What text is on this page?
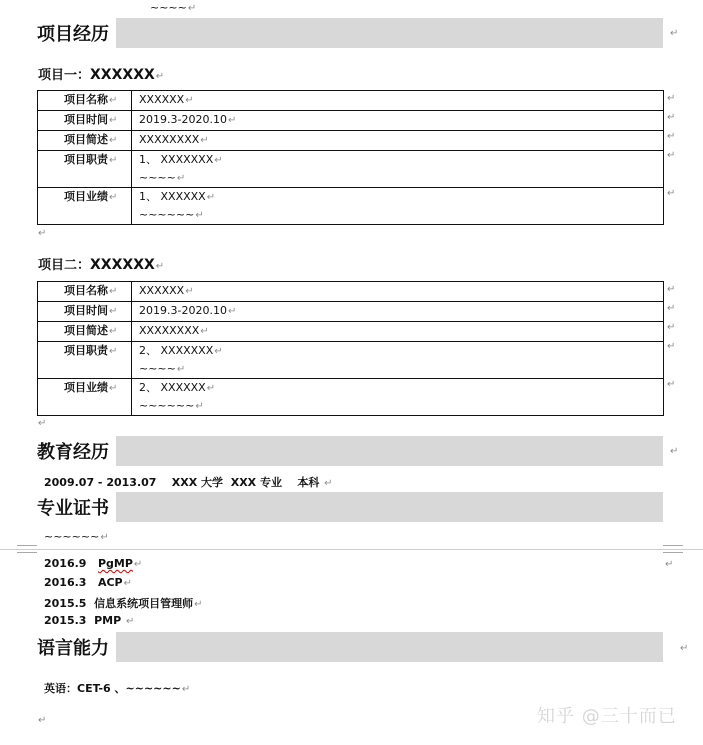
~~~~↵
项目经历	↵
项目一：XXXXXX↵
项目名称↵	XXXXXX↵
项目时间↵	2019.3-2020.10↵
项目简述↵	XXXXXXXX↵
项目职责↵	1、 XXXXXXX↵
~~~~↵

项目业绩↵	1、 XXXXXX↵
~~~~~~↵
↵
↵
↵
↵
↵
↵
项目二：XXXXXX↵
项目名称↵	XXXXXX↵
项目时间↵	2019.3-2020.10↵
项目简述↵	XXXXXXXX↵
项目职责↵	2、 XXXXXXX↵
~~~~↵

项目业绩↵	2、 XXXXXX↵
~~~~~~↵
↵
↵
↵
↵
↵
↵
教育经历	↵
2009.07 - 2013.07 XXX 大学 XXX 专业 本科 ↵
专业证书
~~~~~~↵
2016.9 PgMP↵	↵
2016.3 ACP↵
2015.5 信息系统项目管理师↵
2015.3 PMP ↵
语言能力	↵
英语：CET-6 、~~~~~~↵
↵	知乎 @三十而已
